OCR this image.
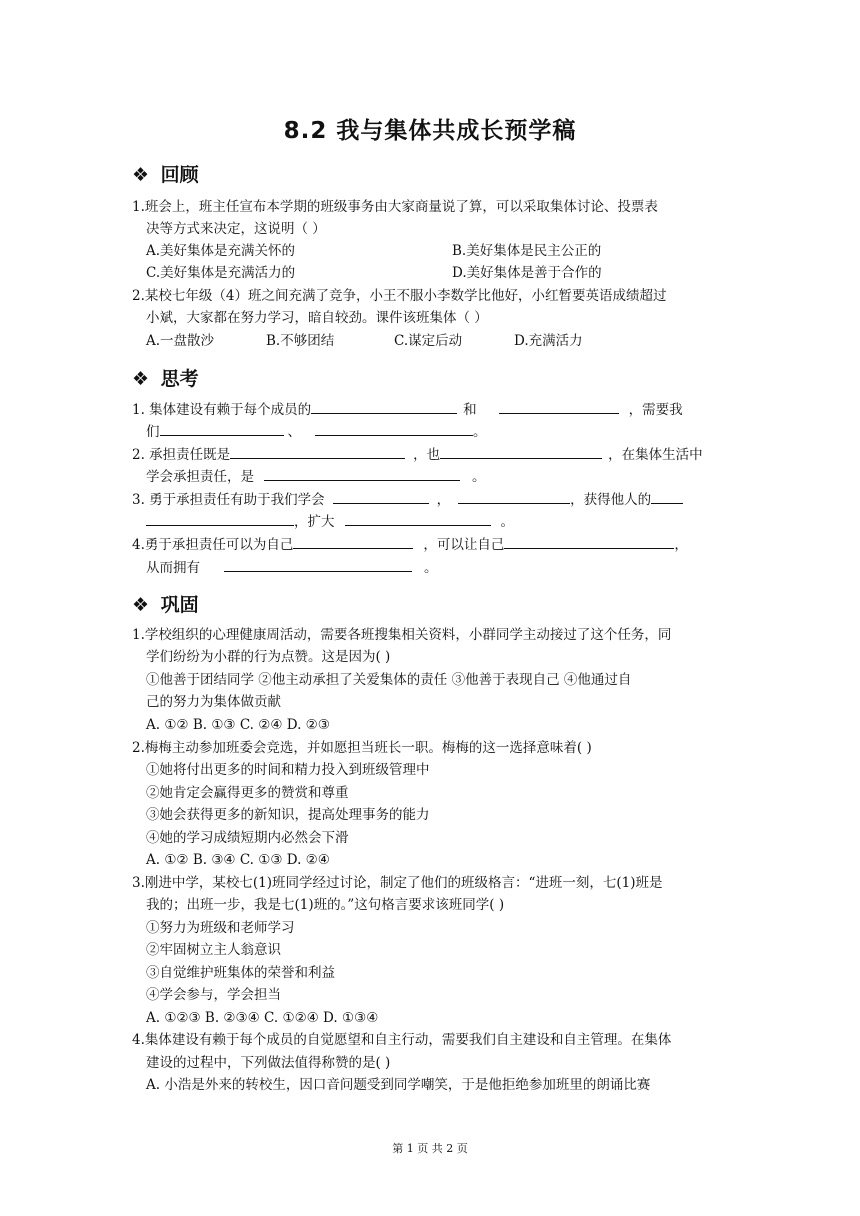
8.2 我与集体共成长预学稿
❖ 回顾
1.班会上，班主任宣布本学期的班级事务由大家商量说了算，可以采取集体讨论、投票表
决等方式来决定，这说明（ ）
A.美好集体是充满关怀的	B.美好集体是民主公正的
C.美好集体是充满活力的	D.美好集体是善于合作的
2.某校七年级（4）班之间充满了竞争，小王不服小李数学比他好，小红暂要英语成绩超过
小斌，大家都在努力学习，暗自较劲。课件该班集体（ ）
A.一盘散沙	B.不够团结	C.谋定后动	D.充满活力
❖ 思考
1. 集体建设有赖于每个成员的	和	，需要我
们	、	。
2. 承担责任既是	，也	，在集体生活中
学会承担责任，是	。
3. 勇于承担责任有助于我们学会	，	，获得他人的
，扩大	。
4.勇于承担责任可以为自己	，可以让自己	，
从而拥有	。
❖ 巩固
1.学校组织的心理健康周活动，需要各班搜集相关资料，小群同学主动接过了这个任务，同
学们纷纷为小群的行为点赞。这是因为( )
①他善于团结同学 ②他主动承担了关爱集体的责任 ③他善于表现自己 ④他通过自
己的努力为集体做贡献
A. ①② B. ①③ C. ②④ D. ②③
2.梅梅主动参加班委会竞选，并如愿担当班长一职。梅梅的这一选择意味着( )
①她将付出更多的时间和精力投入到班级管理中
②她肯定会赢得更多的赞赏和尊重
③她会获得更多的新知识，提高处理事务的能力
④她的学习成绩短期内必然会下滑
A. ①② B. ③④ C. ①③ D. ②④
3.刚进中学，某校七(1)班同学经过讨论，制定了他们的班级格言：“进班一刻，七(1)班是
我的；出班一步，我是七(1)班的。”这句格言要求该班同学( )
①努力为班级和老师学习
②牢固树立主人翁意识
③自觉维护班集体的荣誉和利益
④学会参与，学会担当
A. ①②③ B. ②③④ C. ①②④ D. ①③④
4.集体建设有赖于每个成员的自觉愿望和自主行动，需要我们自主建设和自主管理。在集体
建设的过程中，下列做法值得称赞的是( )
A. 小浩是外来的转校生，因口音问题受到同学嘲笑，于是他拒绝参加班里的朗诵比赛
第 1 页 共 2 页
